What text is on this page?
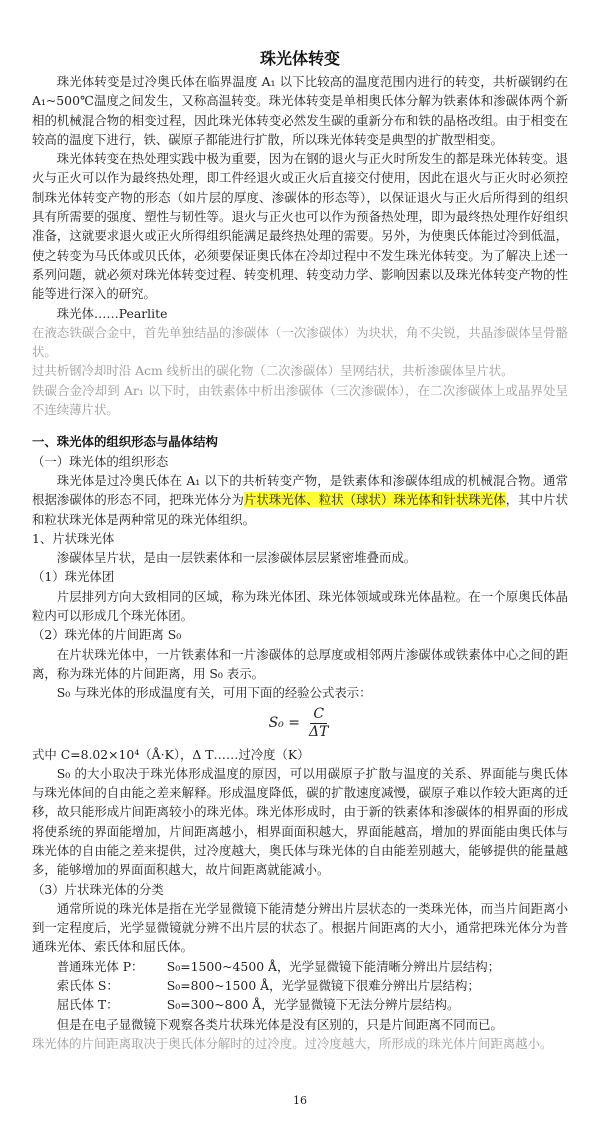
珠光体转变

珠光体转变是过冷奥氏体在临界温度 A₁ 以下比较高的温度范围内进行的转变，共析碳钢约在 A₁~500℃温度之间发生，又称高温转变。珠光体转变是单相奥氏体分解为铁素体和渗碳体两个新相的机械混合物的相变过程，因此珠光体转变必然发生碳的重新分布和铁的晶格改组。由于相变在较高的温度下进行，铁、碳原子都能进行扩散，所以珠光体转变是典型的扩散型相变。

珠光体转变在热处理实践中极为重要，因为在钢的退火与正火时所发生的都是珠光体转变。退火与正火可以作为最终热处理，即工件经退火或正火后直接交付使用，因此在退火与正火时必须控制珠光体转变产物的形态（如片层的厚度、渗碳体的形态等），以保证退火与正火后所得到的组织具有所需要的强度、塑性与韧性等。退火与正火也可以作为预备热处理，即为最终热处理作好组织准备，这就要求退火或正火所得组织能满足最终热处理的需要。另外，为使奥氏体能过冷到低温，使之转变为马氏体或贝氏体，必须要保证奥氏体在冷却过程中不发生珠光体转变。为了解决上述一系列问题，就必须对珠光体转变过程、转变机理、转变动力学、影响因素以及珠光体转变产物的性能等进行深入的研究。

珠光体……Pearlite

在液态铁碳合金中，首先单独结晶的渗碳体（一次渗碳体）为块状，角不尖锐，共晶渗碳体呈骨骼状。

过共析钢冷却时沿 Acm 线析出的碳化物（二次渗碳体）呈网结状，共析渗碳体呈片状。

铁碳合金冷却到 Ar₁ 以下时，由铁素体中析出渗碳体（三次渗碳体），在二次渗碳体上或晶界处呈不连续薄片状。

一、珠光体的组织形态与晶体结构

（一）珠光体的组织形态

珠光体是过冷奥氏体在 A₁ 以下的共析转变产物，是铁素体和渗碳体组成的机械混合物。通常根据渗碳体的形态不同，把珠光体分为片状珠光体、粒状（球状）珠光体和针状珠光体，其中片状和粒状珠光体是两种常见的珠光体组织。

1、片状珠光体

渗碳体呈片状，是由一层铁素体和一层渗碳体层层紧密堆叠而成。

（1）珠光体团

片层排列方向大致相同的区域，称为珠光体团、珠光体领域或珠光体晶粒。在一个原奥氏体晶粒内可以形成几个珠光体团。

（2）珠光体的片间距离 S₀

在片状珠光体中，一片铁素体和一片渗碳体的总厚度或相邻两片渗碳体或铁素体中心之间的距离，称为珠光体的片间距离，用 S₀ 表示。

S₀ 与珠光体的形成温度有关，可用下面的经验公式表示：

$S_0 = \frac{C}{\Delta T}$

式中 C=8.02×10⁴（Å·K），Δ T……过冷度（K）

S₀ 的大小取决于珠光体形成温度的原因，可以用碳原子扩散与温度的关系、界面能与奥氏体与珠光体间的自由能之差来解释。形成温度降低，碳的扩散速度减慢，碳原子难以作较大距离的迁移，故只能形成片间距离较小的珠光体。珠光体形成时，由于新的铁素体和渗碳体的相界面的形成将使系统的界面能增加，片间距离越小，相界面面积越大，界面能越高，增加的界面能由奥氏体与珠光体的自由能之差来提供，过冷度越大，奥氏体与珠光体的自由能差别越大，能够提供的能量越多，能够增加的界面面积越大，故片间距离就能减小。

（3）片状珠光体的分类

通常所说的珠光体是指在光学显微镜下能清楚分辨出片层状态的一类珠光体，而当片间距离小到一定程度后，光学显微镜就分辨不出片层的状态了。根据片间距离的大小，通常把珠光体分为普通珠光体、索氏体和屈氏体。

普通珠光体 P：	S₀=1500~4500 Å，光学显微镜下能清晰分辨出片层结构；
索氏体 S：	S₀=800~1500 Å，光学显微镜下很难分辨出片层结构；
屈氏体 T：	S₀=300~800 Å，光学显微镜下无法分辨片层结构。

但是在电子显微镜下观察各类片状珠光体是没有区别的，只是片间距离不同而已。

珠光体的片间距离取决于奥氏体分解时的过冷度。过冷度越大，所形成的珠光体片间距离越小。

16
